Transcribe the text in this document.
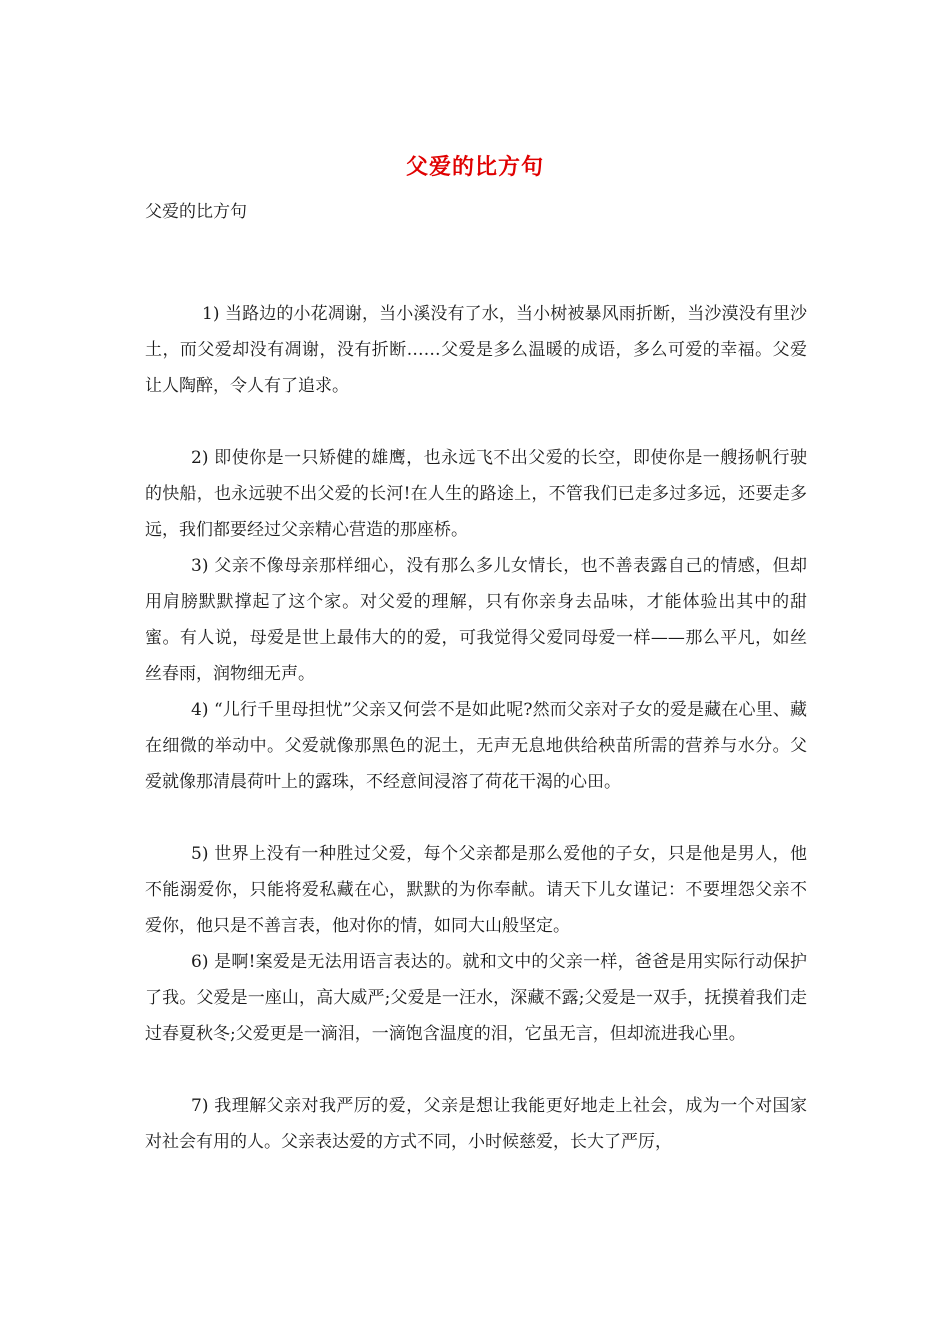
父爱的比方句
父爱的比方句

1) 当路边的小花凋谢，当小溪没有了水，当小树被暴风雨折断，当沙漠没有里沙土，而父爱却没有凋谢，没有折断……父爱是多么温暖的成语，多么可爱的幸福。父爱让人陶醉，令人有了追求。

2) 即使你是一只矫健的雄鹰，也永远飞不出父爱的长空，即使你是一艘扬帆行驶的快船，也永远驶不出父爱的长河!在人生的路途上，不管我们已走多过多远，还要走多远，我们都要经过父亲精心营造的那座桥。

3) 父亲不像母亲那样细心，没有那么多儿女情长，也不善表露自己的情感，但却用肩膀默默撑起了这个家。对父爱的理解，只有你亲身去品味，才能体验出其中的甜蜜。有人说，母爱是世上最伟大的的爱，可我觉得父爱同母爱一样——那么平凡，如丝丝春雨，润物细无声。

4) “儿行千里母担忧”父亲又何尝不是如此呢?然而父亲对子女的爱是藏在心里、藏在细微的举动中。父爱就像那黑色的泥土，无声无息地供给秧苗所需的营养与水分。父爱就像那清晨荷叶上的露珠，不经意间浸溶了荷花干渴的心田。

5) 世界上没有一种胜过父爱，每个父亲都是那么爱他的子女，只是他是男人，他不能溺爱你，只能将爱私藏在心，默默的为你奉献。请天下儿女谨记：不要埋怨父亲不爱你，他只是不善言表，他对你的情，如同大山般坚定。

6) 是啊!案爱是无法用语言表达的。就和文中的父亲一样，爸爸是用实际行动保护了我。父爱是一座山，高大威严;父爱是一汪水，深藏不露;父爱是一双手，抚摸着我们走过春夏秋冬;父爱更是一滴泪，一滴饱含温度的泪，它虽无言，但却流进我心里。

7) 我理解父亲对我严厉的爱，父亲是想让我能更好地走上社会，成为一个对国家对社会有用的人。父亲表达爱的方式不同，小时候慈爱，长大了严厉，
